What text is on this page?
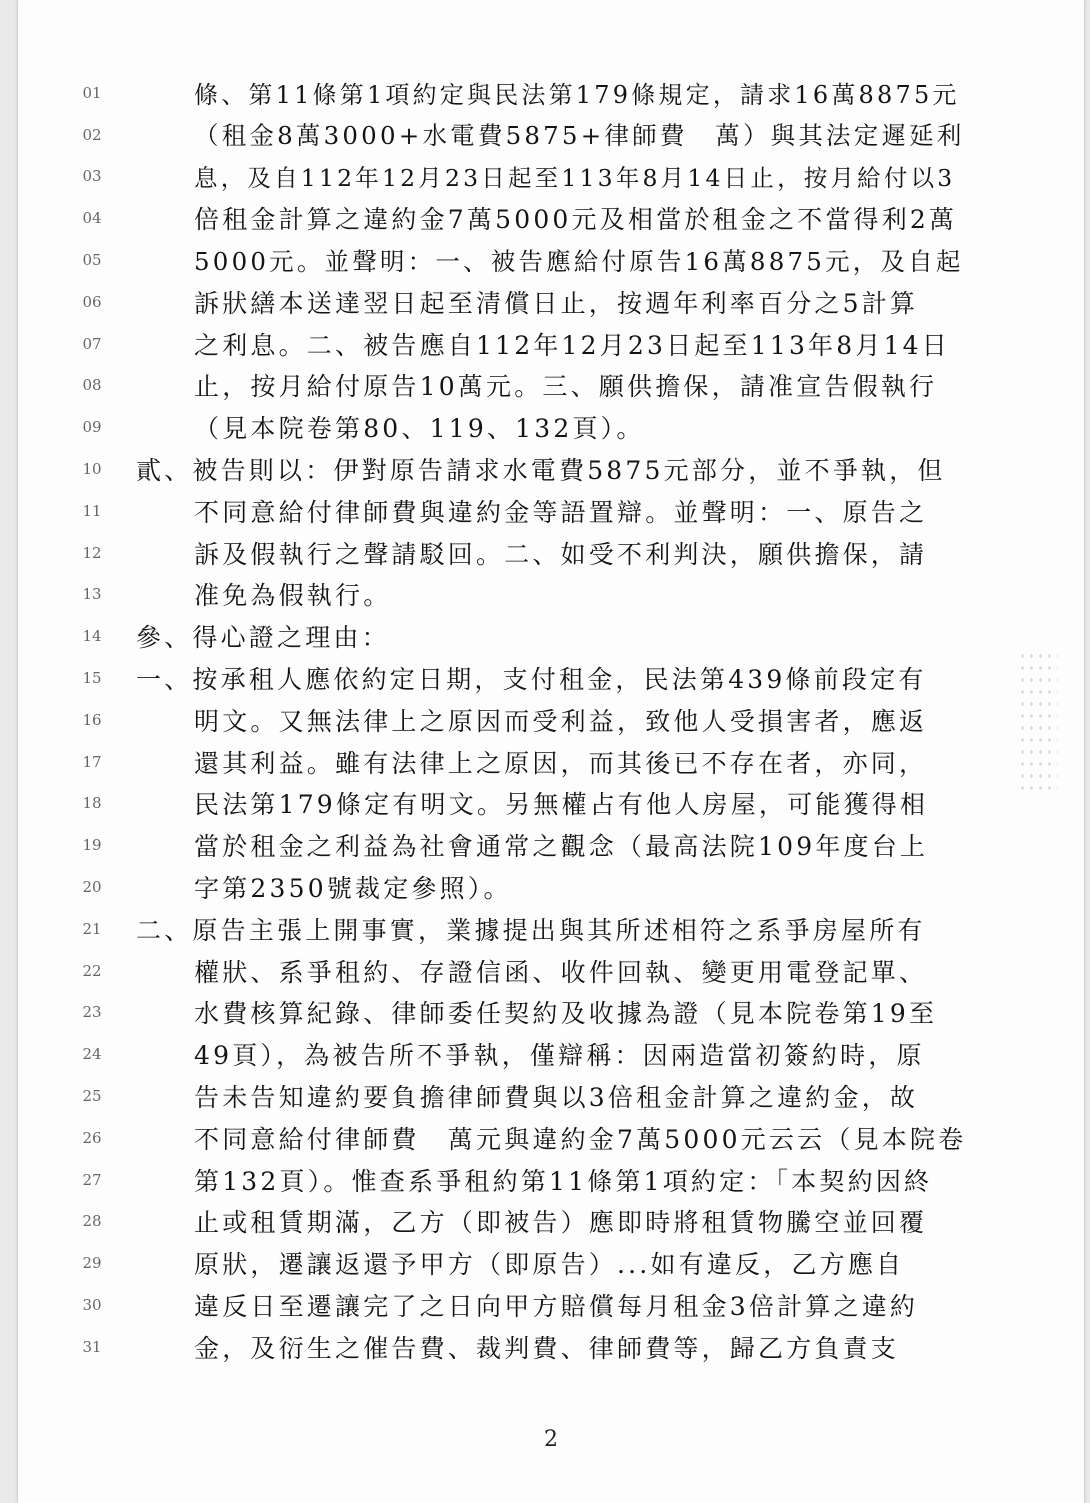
01	條、第11條第1項約定與民法第179條規定，請求16萬8875元
02	（租金8萬3000+水電費5875+律師費　萬）與其法定遲延利
03	息，及自112年12月23日起至113年8月14日止，按月給付以3
04	倍租金計算之違約金7萬5000元及相當於租金之不當得利2萬
05	5000元。並聲明：一、被告應給付原告16萬8875元，及自起
06	訴狀繕本送達翌日起至清償日止，按週年利率百分之5計算
07	之利息。二、被告應自112年12月23日起至113年8月14日
08	止，按月給付原告10萬元。三、願供擔保，請准宣告假執行
09	（見本院卷第80、119、132頁）。
10	貳、被告則以：伊對原告請求水電費5875元部分，並不爭執，但
11	不同意給付律師費與違約金等語置辯。並聲明：一、原告之
12	訴及假執行之聲請駁回。二、如受不利判決，願供擔保，請
13	准免為假執行。
14	參、得心證之理由：
15	一、按承租人應依約定日期，支付租金，民法第439條前段定有
16	明文。又無法律上之原因而受利益，致他人受損害者，應返
17	還其利益。雖有法律上之原因，而其後已不存在者，亦同，
18	民法第179條定有明文。另無權占有他人房屋，可能獲得相
19	當於租金之利益為社會通常之觀念（最高法院109年度台上
20	字第2350號裁定參照）。
21	二、原告主張上開事實，業據提出與其所述相符之系爭房屋所有
22	權狀、系爭租約、存證信函、收件回執、變更用電登記單、
23	水費核算紀錄、律師委任契約及收據為證（見本院卷第19至
24	49頁），為被告所不爭執，僅辯稱：因兩造當初簽約時，原
25	告未告知違約要負擔律師費與以3倍租金計算之違約金，故
26	不同意給付律師費　萬元與違約金7萬5000元云云（見本院卷
27	第132頁）。惟查系爭租約第11條第1項約定：「本契約因終
28	止或租賃期滿，乙方（即被告）應即時將租賃物騰空並回覆
29	原狀，遷讓返還予甲方（即原告）...如有違反，乙方應自
30	違反日至遷讓完了之日向甲方賠償每月租金3倍計算之違約
31	金，及衍生之催告費、裁判費、律師費等，歸乙方負責支
2
